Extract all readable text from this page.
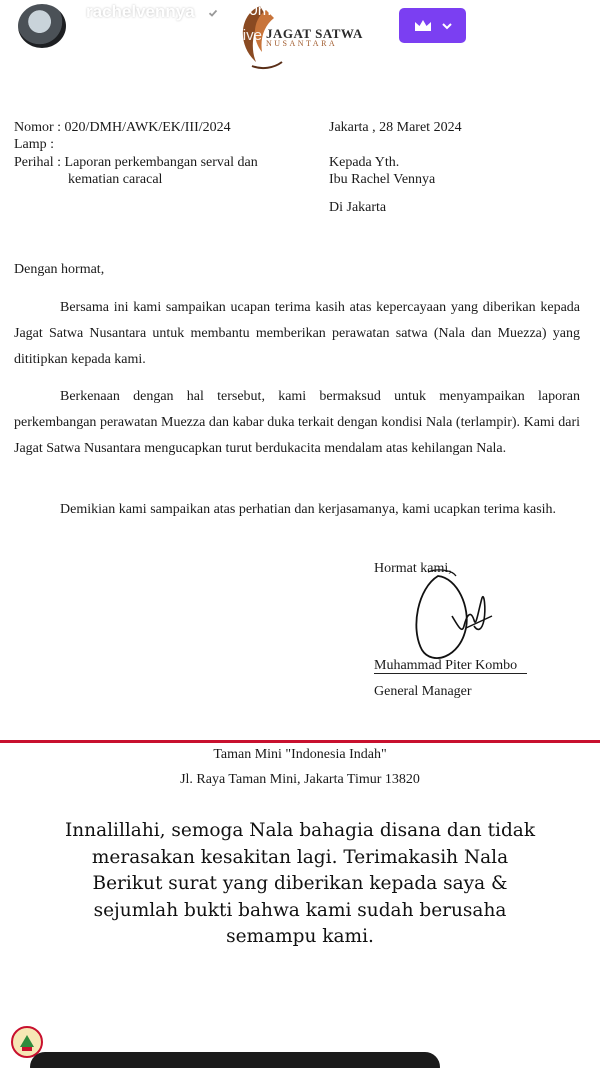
Nomor : 020/DMH/AWK/EK/III/2024
Lamp :
Perihal : Laporan perkembangan serval dan
kematian caracal
Jakarta , 28 Maret 2024
Kepada Yth.
Ibu Rachel Vennya
Di Jakarta
Dengan hormat,
Bersama ini kami sampaikan ucapan terima kasih atas kepercayaan yang diberikan kepada Jagat Satwa Nusantara untuk membantu memberikan perawatan satwa (Nala dan Muezza) yang dititipkan kepada kami.
Berkenaan dengan hal tersebut, kami bermaksud untuk menyampaikan laporan perkembangan perawatan Muezza dan kabar duka terkait dengan kondisi Nala (terlampir). Kami dari Jagat Satwa Nusantara mengucapkan turut berdukacita mendalam atas kehilangan Nala.
Demikian kami sampaikan atas perhatian dan kerjasamanya, kami ucapkan terima kasih.
Hormat kami,
Muhammad Piter Kombo
General Manager
Taman Mini "Indonesia Indah"
Jl. Raya Taman Mini, Jakarta Timur 13820
JAGAT SATWA
NUSANTARA
rachelvennya	10m
Ditambahkan ke Exclusive
Innalillahi, semoga Nala bahagia disana dan tidak
merasakan kesakitan lagi. Terimakasih Nala
Berikut surat yang diberikan kepada saya &
sejumlah bukti bahwa kami sudah berusaha
semampu kami.
